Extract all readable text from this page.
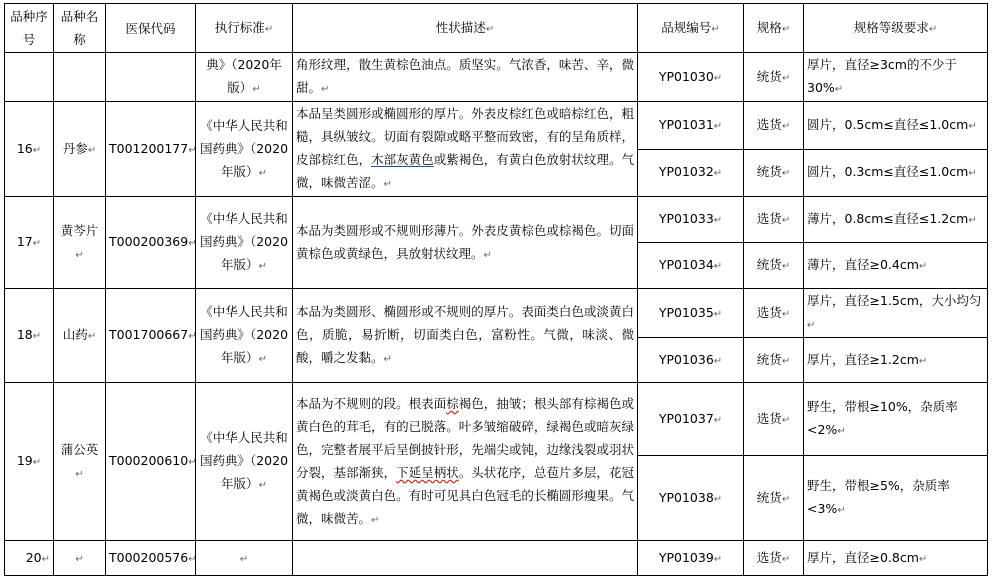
品种序号	品种名称	医保代码	执行标准↵	性状描述↵	品规编号↵	规格↵	规格等级要求↵
			典》（2020年版）↵	角形纹理，散生黄棕色油点。质坚实。气浓香，味苦、辛，微甜。↵	YP01030↵	统货↵	厚片，直径≥3cm的不少于30%↵
16↵	丹参↵	T001200177↵	《中华人民共和国药典》（2020年版）↵	本品呈类圆形或椭圆形的厚片。外表皮棕红色或暗棕红色，粗糙，具纵皱纹。切面有裂隙或略平整而致密，有的呈角质样，皮部棕红色，木部灰黄色或紫褐色，有黄白色放射状纹理。气微，味微苦涩。↵	YP01031↵	选货↵	圆片，0.5cm≤直径≤1.0cm↵
					YP01032↵	统货↵	圆片，0.3cm≤直径≤1.0cm↵
17↵	黄芩片↵	T000200369↵	《中华人民共和国药典》（2020年版）↵	本品为类圆形或不规则形薄片。外表皮黄棕色或棕褐色。切面黄棕色或黄绿色，具放射状纹理。↵	YP01033↵	选货↵	薄片，0.8cm≤直径≤1.2cm↵
					YP01034↵	统货↵	薄片，直径≥0.4cm↵
18↵	山药↵	T001700667↵	《中华人民共和国药典》（2020年版）↵	本品为类圆形、椭圆形或不规则的厚片。表面类白色或淡黄白色，质脆，易折断，切面类白色，富粉性。气微，味淡、微酸，嚼之发黏。↵	YP01035↵	选货↵	厚片，直径≥1.5cm，大小均匀↵
					YP01036↵	统货↵	厚片，直径≥1.2cm↵
19↵	蒲公英↵	T000200610↵	《中华人民共和国药典》（2020年版）↵	本品为不规则的段。根表面棕褐色，抽皱；根头部有棕褐色或黄白色的茸毛，有的已脱落。叶多皱缩破碎，绿褐色或暗灰绿色，完整者展平后呈倒披针形，先端尖或钝，边缘浅裂或羽状分裂，基部渐狭，下延呈柄状。头状花序，总苞片多层，花冠黄褐色或淡黄白色。有时可见具白色冠毛的长椭圆形瘦果。气微，味微苦。↵	YP01037↵	选货↵	野生，带根≥10%，杂质率<2%↵
					YP01038↵	统货↵	野生，带根≥5%，杂质率<3%↵
20↵	↵	T000200576↵	↵		YP01039↵	选货↵	厚片，直径≥0.8cm↵
